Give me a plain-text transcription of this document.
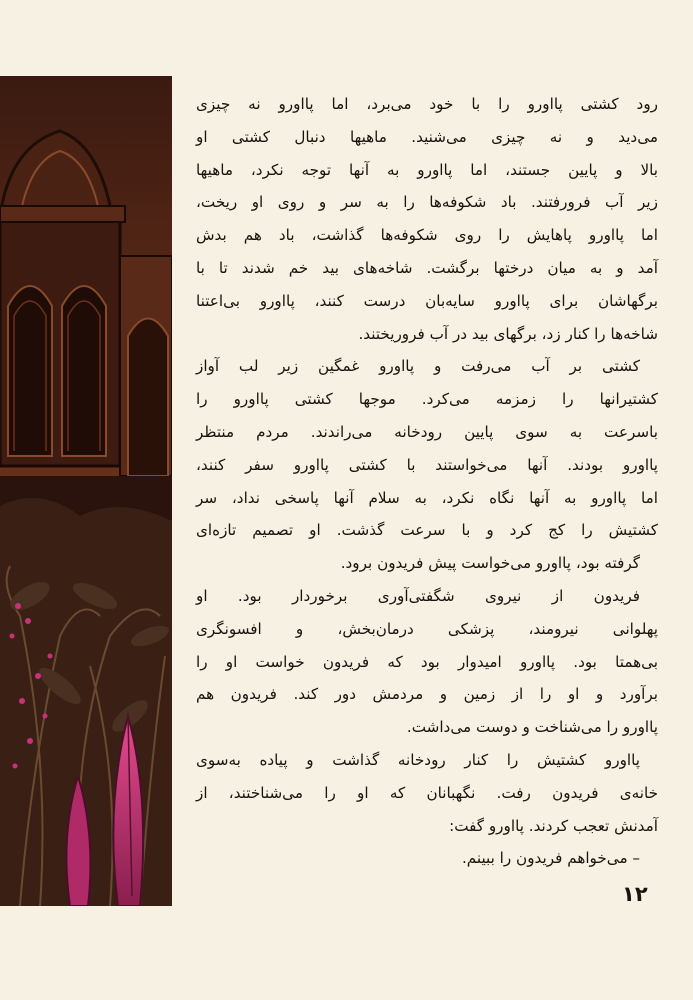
رود کشتی پااورو را با خود می‌برد، اما پااورو نه چیزی
می‌دید و نه چیزی می‌شنید. ماهیها دنبال کشتی او
بالا و پایین جستند، اما پااورو به آنها توجه نکرد، ماهیها
زیر آب فرورفتند. باد شکوفه‌ها را به سر و روی او ریخت،
اما پااورو پاهایش را روی شکوفه‌ها گذاشت، باد هم بدش
آمد و به میان درختها برگشت. شاخه‌های بید خم شدند تا با
برگهاشان برای پااورو سایه‌بان درست کنند، پااورو بی‌اعتنا
شاخه‌ها را کنار زد، برگهای بید در آب فروریختند.

کشتی بر آب می‌رفت و پااورو غمگین زیر لب آواز
کشتیرانها را زمزمه می‌کرد. موجها کشتی پااورو را
باسرعت به سوی پایین رودخانه می‌راندند. مردم منتظر
پااورو بودند. آنها می‌خواستند با کشتی پااورو سفر کنند،
اما پااورو به آنها نگاه نکرد، به سلام آنها پاسخی نداد، سر
کشتیش را کج کرد و با سرعت گذشت. او تصمیم تازه‌ای
گرفته بود، پااورو می‌خواست پیش فریدون برود.

فریدون از نیروی شگفتی‌آوری برخوردار بود. او
پهلوانی نیرومند، پزشکی درمان‌بخش، و افسونگری
بی‌همتا بود. پااورو امیدوار بود که فریدون خواست او را
برآورد و او را از زمین و مردمش دور کند. فریدون هم
پااورو را می‌شناخت و دوست می‌داشت.

پااورو کشتیش را کنار رودخانه گذاشت و پیاده به‌سوی
خانه‌ی فریدون رفت. نگهبانان که او را می‌شناختند، از
آمدنش تعجب کردند. پااورو گفت:
– می‌خواهم فریدون را ببینم.

۱۲
